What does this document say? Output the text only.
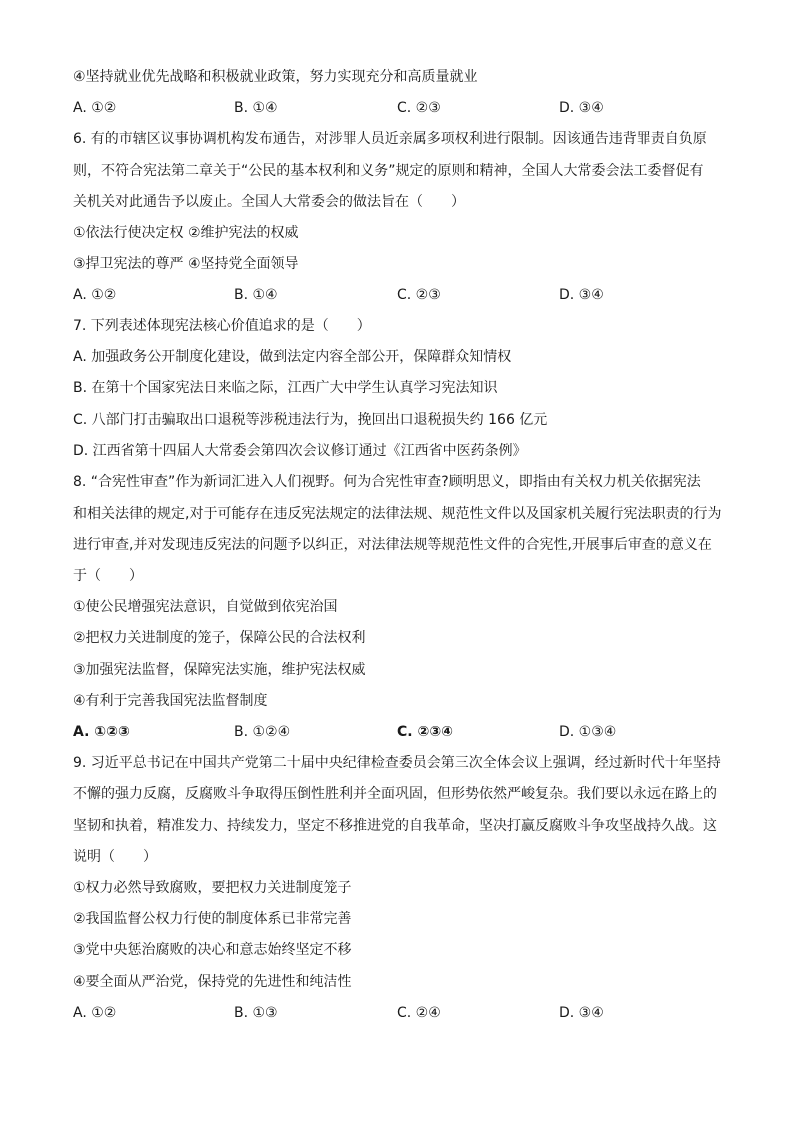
④坚持就业优先战略和积极就业政策，努力实现充分和高质量就业
A. ①②	B. ①④	C. ②③	D. ③④
6. 有的市辖区议事协调机构发布通告，对涉罪人员近亲属多项权利进行限制。因该通告违背罪责自负原
则，不符合宪法第二章关于“公民的基本权利和义务”规定的原则和精神，全国人大常委会法工委督促有
关机关对此通告予以废止。全国人大常委会的做法旨在（　　）
①依法行使决定权 ②维护宪法的权威
③捍卫宪法的尊严 ④坚持党全面领导
A. ①②	B. ①④	C. ②③	D. ③④
7. 下列表述体现宪法核心价值追求的是（　　）
A. 加强政务公开制度化建设，做到法定内容全部公开，保障群众知情权
B. 在第十个国家宪法日来临之际，江西广大中学生认真学习宪法知识
C. 八部门打击骗取出口退税等涉税违法行为，挽回出口退税损失约 166 亿元
D. 江西省第十四届人大常委会第四次会议修订通过《江西省中医药条例》
8. “合宪性审查”作为新词汇进入人们视野。何为合宪性审查?顾明思义，即指由有关权力机关依据宪法
和相关法律的规定,对于可能存在违反宪法规定的法律法规、规范性文件以及国家机关履行宪法职责的行为
进行审查,并对发现违反宪法的问题予以纠正，对法律法规等规范性文件的合宪性,开展事后审查的意义在
于（　　）
①使公民增强宪法意识，自觉做到依宪治国
②把权力关进制度的笼子，保障公民的合法权利
③加强宪法监督，保障宪法实施，维护宪法权威
④有利于完善我国宪法监督制度
A. ①②③	B. ①②④	C. ②③④	D. ①③④
9. 习近平总书记在中国共产党第二十届中央纪律检查委员会第三次全体会议上强调，经过新时代十年坚持
不懈的强力反腐，反腐败斗争取得压倒性胜利并全面巩固，但形势依然严峻复杂。我们要以永远在路上的
坚韧和执着，精准发力、持续发力，坚定不移推进党的自我革命，坚决打赢反腐败斗争攻坚战持久战。这
说明（　　）
①权力必然导致腐败，要把权力关进制度笼子
②我国监督公权力行使的制度体系已非常完善
③党中央惩治腐败的决心和意志始终坚定不移
④要全面从严治党，保持党的先进性和纯洁性
A. ①②	B. ①③	C. ②④	D. ③④
